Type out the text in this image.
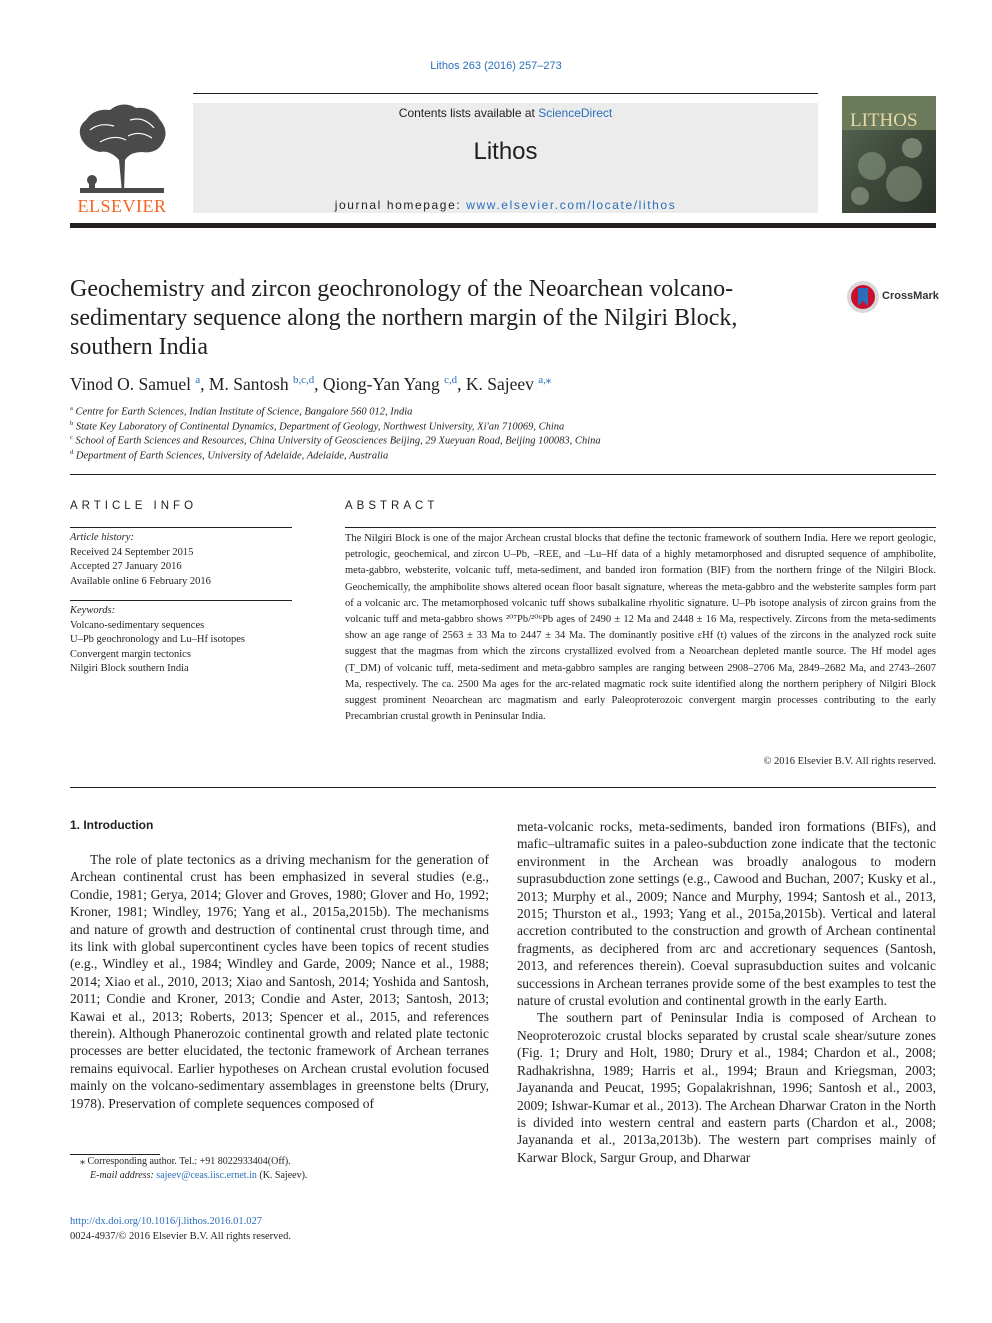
Lithos 263 (2016) 257–273
ELSEVIER
Contents lists available at ScienceDirect
Lithos
journal homepage: www.elsevier.com/locate/lithos
LITHOS
Geochemistry and zircon geochronology of the Neoarchean volcano-sedimentary sequence along the northern margin of the Nilgiri Block, southern India
CrossMark
Vinod O. Samuel $^a$, M. Santosh $^{b,c,d}$, Qiong-Yan Yang $^{c,d}$, K. Sajeev $^{a,⁎}$
$^a$ Centre for Earth Sciences, Indian Institute of Science, Bangalore 560 012, India
$^b$ State Key Laboratory of Continental Dynamics, Department of Geology, Northwest University, Xi'an 710069, China
$^c$ School of Earth Sciences and Resources, China University of Geosciences Beijing, 29 Xueyuan Road, Beijing 100083, China
$^d$ Department of Earth Sciences, University of Adelaide, Adelaide, Australia
ARTICLE INFO	ABSTRACT
Article history:
Received 24 September 2015
Accepted 27 January 2016
Available online 6 February 2016
Keywords:
Volcano-sedimentary sequences
U–Pb geochronology and Lu–Hf isotopes
Convergent margin tectonics
Nilgiri Block southern India
The Nilgiri Block is one of the major Archean crustal blocks that define the tectonic framework of southern India. Here we report geologic, petrologic, geochemical, and zircon U–Pb, –REE, and –Lu–Hf data of a highly metamorphosed and disrupted sequence of amphibolite, meta-gabbro, websterite, volcanic tuff, meta-sediment, and banded iron formation (BIF) from the northern fringe of the Nilgiri Block. Geochemically, the amphibolite shows altered ocean floor basalt signature, whereas the meta-gabbro and the websterite samples form part of a volcanic arc. The metamorphosed volcanic tuff shows subalkaline rhyolitic signature. U–Pb isotope analysis of zircon grains from the volcanic tuff and meta-gabbro shows ²⁰⁷Pb/²⁰⁶Pb ages of 2490 ± 12 Ma and 2448 ± 16 Ma, respectively. Zircons from the meta-sediments show an age range of 2563 ± 33 Ma to 2447 ± 34 Ma. The dominantly positive εHf (t) values of the zircons in the analyzed rock suite suggest that the magmas from which the zircons crystallized evolved from a Neoarchean depleted mantle source. The Hf model ages (T_DM) of volcanic tuff, meta-sediment and meta-gabbro samples are ranging between 2908–2706 Ma, 2849–2682 Ma, and 2743–2607 Ma, respectively. The ca. 2500 Ma ages for the arc-related magmatic rock suite identified along the northern periphery of Nilgiri Block suggest prominent Neoarchean arc magmatism and early Paleoproterozoic convergent margin processes contributing to the early Precambrian crustal growth in Peninsular India.
© 2016 Elsevier B.V. All rights reserved.
1. Introduction

The role of plate tectonics as a driving mechanism for the generation of Archean continental crust has been emphasized in several studies (e.g., Condie, 1981; Gerya, 2014; Glover and Groves, 1980; Glover and Ho, 1992; Kroner, 1981; Windley, 1976; Yang et al., 2015a,2015b). The mechanisms and nature of growth and destruction of continental crust through time, and its link with global supercontinent cycles have been topics of recent studies (e.g., Windley et al., 1984; Windley and Garde, 2009; Nance et al., 1988; 2014; Xiao et al., 2010, 2013; Xiao and Santosh, 2014; Yoshida and Santosh, 2011; Condie and Kroner, 2013; Condie and Aster, 2013; Santosh, 2013; Kawai et al., 2013; Roberts, 2013; Spencer et al., 2015, and references therein). Although Phanerozoic continental growth and related plate tectonic processes are better elucidated, the tectonic framework of Archean terranes remains equivocal. Earlier hypotheses on Archean crustal evolution focused mainly on the volcano-sedimentary assemblages in greenstone belts (Drury, 1978). Preservation of complete sequences composed of

meta-volcanic rocks, meta-sediments, banded iron formations (BIFs), and mafic–ultramafic suites in a paleo-subduction zone indicate that the tectonic environment in the Archean was broadly analogous to modern suprasubduction zone settings (e.g., Cawood and Buchan, 2007; Kusky et al., 2013; Murphy et al., 2009; Nance and Murphy, 1994; Santosh et al., 2013, 2015; Thurston et al., 1993; Yang et al., 2015a,2015b). Vertical and lateral accretion contributed to the construction and growth of Archean continental fragments, as deciphered from arc and accretionary sequences (Santosh, 2013, and references therein). Coeval suprasubduction suites and volcanic successions in Archean terranes provide some of the best examples to test the nature of crustal evolution and continental growth in the early Earth.

The southern part of Peninsular India is composed of Archean to Neoproterozoic crustal blocks separated by crustal scale shear/suture zones (Fig. 1; Drury and Holt, 1980; Drury et al., 1984; Chardon et al., 2008; Radhakrishna, 1989; Harris et al., 1994; Braun and Kriegsman, 2003; Jayananda and Peucat, 1995; Gopalakrishnan, 1996; Santosh et al., 2003, 2009; Ishwar-Kumar et al., 2013). The Archean Dharwar Craton in the North is divided into western central and eastern parts (Chardon et al., 2008; Jayananda et al., 2013a,2013b). The western part comprises mainly of Karwar Block, Sargur Group, and Dharwar

⁎ Corresponding author. Tel.: +91 8022933404(Off).
E-mail address: sajeev@ceas.iisc.ernet.in (K. Sajeev).
http://dx.doi.org/10.1016/j.lithos.2016.01.027
0024-4937/© 2016 Elsevier B.V. All rights reserved.
